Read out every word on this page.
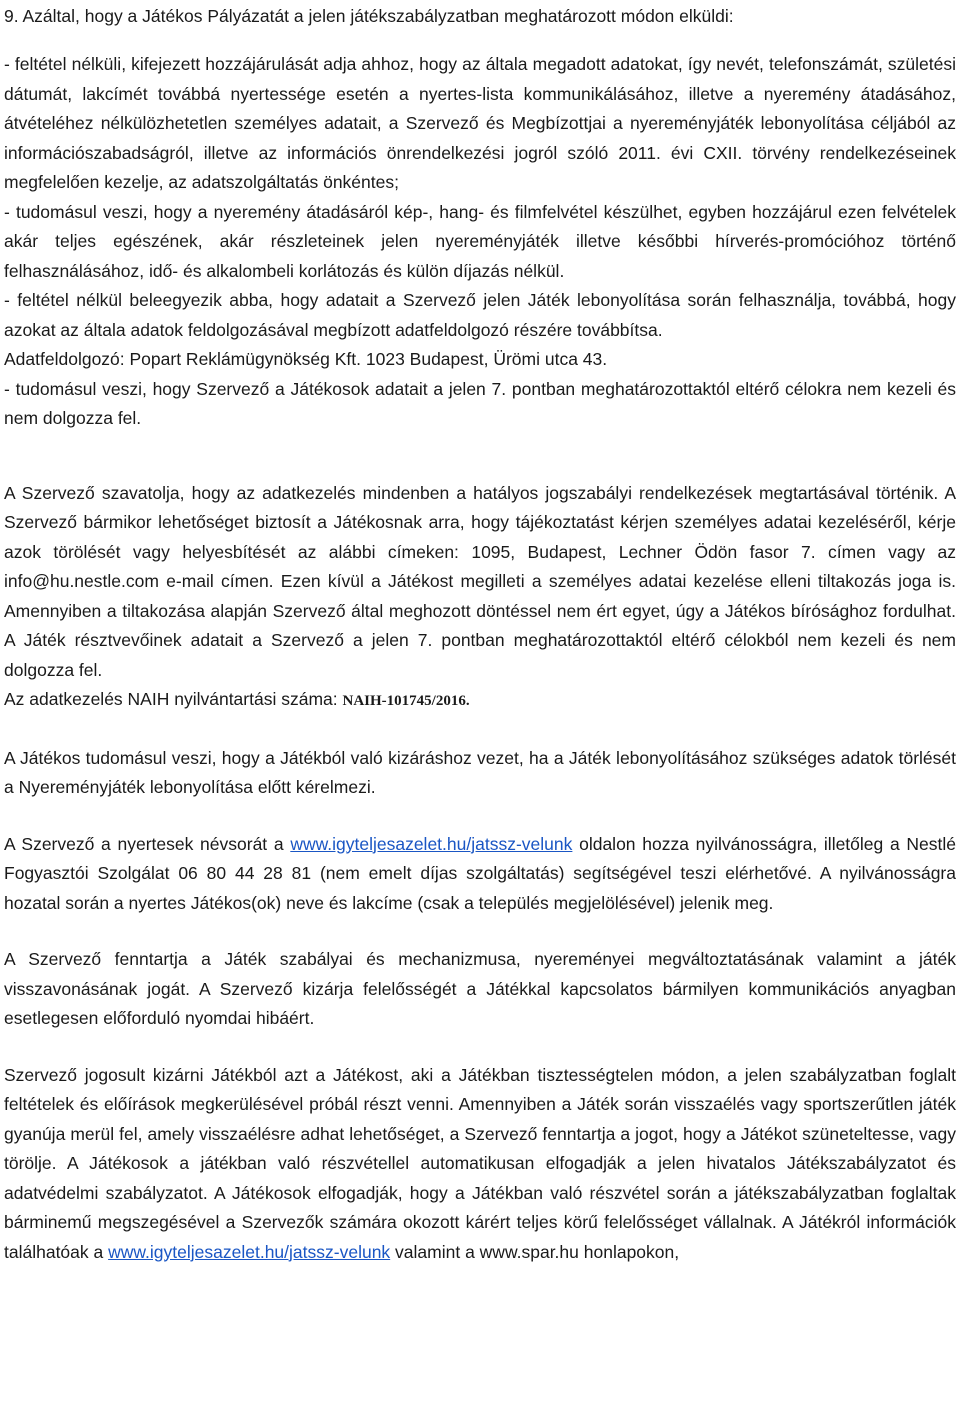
9. Azáltal, hogy a Játékos Pályázatát a jelen játékszabályzatban meghatározott módon elküldi:

- feltétel nélküli, kifejezett hozzájárulását adja ahhoz, hogy az általa megadott adatokat, így nevét, telefonszámát, születési dátumát, lakcímét továbbá nyertessége esetén a nyertes-lista kommunikálásához, illetve a nyeremény átadásához, átvételéhez nélkülözhetetlen személyes adatait, a Szervező és Megbízottjai a nyereményjáték lebonyolítása céljából az információszabadságról, illetve az információs önrendelkezési jogról szóló 2011. évi CXII. törvény rendelkezéseinek megfelelően kezelje, az adatszolgáltatás önkéntes;

- tudomásul veszi, hogy a nyeremény átadásáról kép-, hang- és filmfelvétel készülhet, egyben hozzájárul ezen felvételek akár teljes egészének, akár részleteinek jelen nyereményjáték illetve későbbi hírverés-promócióhoz történő felhasználásához, idő- és alkalombeli korlátozás és külön díjazás nélkül.

- feltétel nélkül beleegyezik abba, hogy adatait a Szervező jelen Játék lebonyolítása során felhasználja, továbbá, hogy azokat az általa adatok feldolgozásával megbízott adatfeldolgozó részére továbbítsa.

Adatfeldolgozó: Popart Reklámügynökség Kft. 1023 Budapest, Ürömi utca 43.

- tudomásul veszi, hogy Szervező a Játékosok adatait a jelen 7. pontban meghatározottaktól eltérő célokra nem kezeli és nem dolgozza fel.

A Szervező szavatolja, hogy az adatkezelés mindenben a hatályos jogszabályi rendelkezések megtartásával történik. A Szervező bármikor lehetőséget biztosít a Játékosnak arra, hogy tájékoztatást kérjen személyes adatai kezeléséről, kérje azok törölését vagy helyesbítését az alábbi címeken: 1095, Budapest, Lechner Ödön fasor 7. címen vagy az info@hu.nestle.com e-mail címen. Ezen kívül a Játékost megilleti a személyes adatai kezelése elleni tiltakozás joga is. Amennyiben a tiltakozása alapján Szervező által meghozott döntéssel nem ért egyet, úgy a Játékos bírósághoz fordulhat. A Játék résztvevőinek adatait a Szervező a jelen 7. pontban meghatározottaktól eltérő célokból nem kezeli és nem dolgozza fel.

Az adatkezelés NAIH nyilvántartási száma: NAIH-101745/2016.

A Játékos tudomásul veszi, hogy a Játékból való kizáráshoz vezet, ha a Játék lebonyolításához szükséges adatok törlését a Nyereményjáték lebonyolítása előtt kérelmezi.

A Szervező a nyertesek névsorát a www.igyteljesazelet.hu/jatssz-velunk oldalon hozza nyilvánosságra, illetőleg a Nestlé Fogyasztói Szolgálat 06 80 44 28 81 (nem emelt díjas szolgáltatás) segítségével teszi elérhetővé. A nyilvánosságra hozatal során a nyertes Játékos(ok) neve és lakcíme (csak a település megjelölésével) jelenik meg.

A Szervező fenntartja a Játék szabályai és mechanizmusa, nyereményei megváltoztatásának valamint a játék visszavonásának jogát. A Szervező kizárja felelősségét a Játékkal kapcsolatos bármilyen kommunikációs anyagban esetlegesen előforduló nyomdai hibáért.

Szervező jogosult kizárni Játékból azt a Játékost, aki a Játékban tisztességtelen módon, a jelen szabályzatban foglalt feltételek és előírások megkerülésével próbál részt venni. Amennyiben a Játék során visszaélés vagy sportszerűtlen játék gyanúja merül fel, amely visszaélésre adhat lehetőséget, a Szervező fenntartja a jogot, hogy a Játékot szüneteltesse, vagy törölje. A Játékosok a játékban való részvétellel automatikusan elfogadják a jelen hivatalos Játékszabályzatot és adatvédelmi szabályzatot. A Játékosok elfogadják, hogy a Játékban való részvétel során a játékszabályzatban foglaltak bárminemű megszegésével a Szervezők számára okozott kárért teljes körű felelősséget vállalnak. A Játékról információk találhatóak a www.igyteljesazelet.hu/jatssz-velunk valamint a www.spar.hu honlapokon,
